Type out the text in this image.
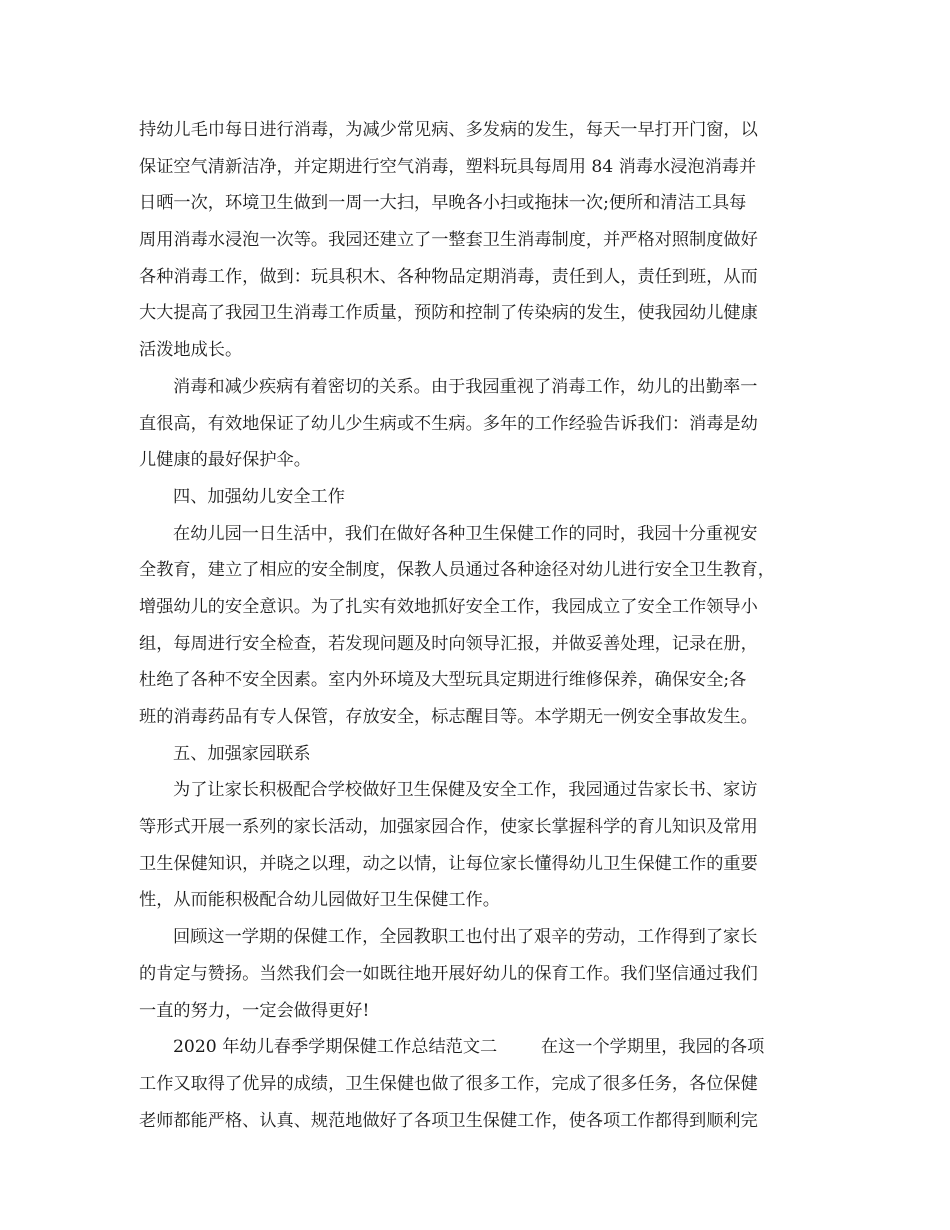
持幼儿毛巾每日进行消毒，为减少常见病、多发病的发生，每天一早打开门窗，以
保证空气清新洁净，并定期进行空气消毒，塑料玩具每周用 84 消毒水浸泡消毒并
日晒一次，环境卫生做到一周一大扫，早晚各小扫或拖抹一次;便所和清洁工具每
周用消毒水浸泡一次等。我园还建立了一整套卫生消毒制度，并严格对照制度做好
各种消毒工作，做到：玩具积木、各种物品定期消毒，责任到人，责任到班，从而
大大提高了我园卫生消毒工作质量，预防和控制了传染病的发生，使我园幼儿健康
活泼地成长。
消毒和减少疾病有着密切的关系。由于我园重视了消毒工作，幼儿的出勤率一
直很高，有效地保证了幼儿少生病或不生病。多年的工作经验告诉我们：消毒是幼
儿健康的最好保护伞。
四、加强幼儿安全工作
在幼儿园一日生活中，我们在做好各种卫生保健工作的同时，我园十分重视安
全教育，建立了相应的安全制度，保教人员通过各种途径对幼儿进行安全卫生教育，
增强幼儿的安全意识。为了扎实有效地抓好安全工作，我园成立了安全工作领导小
组，每周进行安全检查，若发现问题及时向领导汇报，并做妥善处理，记录在册，
杜绝了各种不安全因素。室内外环境及大型玩具定期进行维修保养，确保安全;各
班的消毒药品有专人保管，存放安全，标志醒目等。本学期无一例安全事故发生。
五、加强家园联系
为了让家长积极配合学校做好卫生保健及安全工作，我园通过告家长书、家访
等形式开展一系列的家长活动，加强家园合作，使家长掌握科学的育儿知识及常用
卫生保健知识，并晓之以理，动之以情，让每位家长懂得幼儿卫生保健工作的重要
性，从而能积极配合幼儿园做好卫生保健工作。
回顾这一学期的保健工作，全园教职工也付出了艰辛的劳动，工作得到了家长
的肯定与赞扬。当然我们会一如既往地开展好幼儿的保育工作。我们坚信通过我们
一直的努力，一定会做得更好!
2020 年幼儿春季学期保健工作总结范文二        在这一个学期里，我园的各项
工作又取得了优异的成绩，卫生保健也做了很多工作，完成了很多任务，各位保健
老师都能严格、认真、规范地做好了各项卫生保健工作，使各项工作都得到顺利完
